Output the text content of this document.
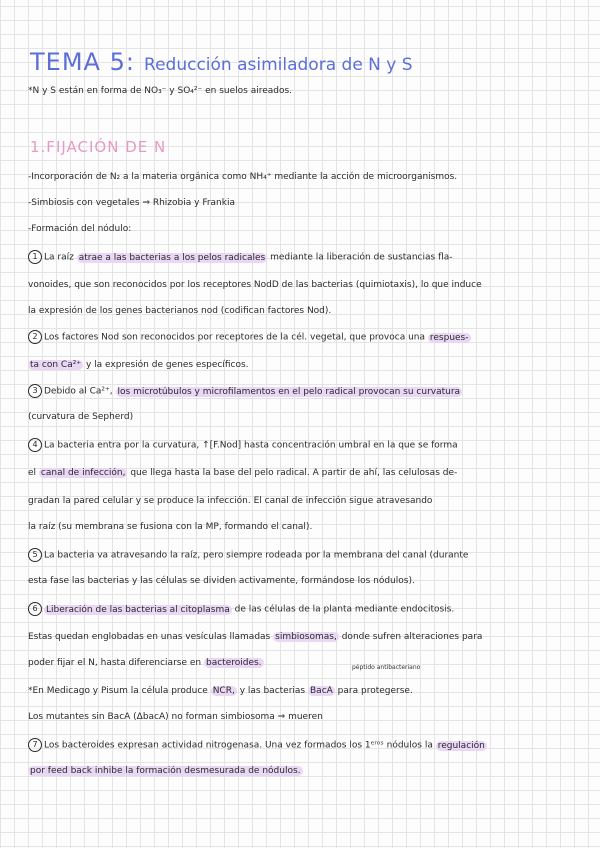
TEMA 5: Reducción asimiladora de N y S
*N y S están en forma de NO₃⁻ y SO₄²⁻ en suelos aireados.
1.FIJACIÓN DE N
-Incorporación de N₂ a la materia orgánica como NH₄⁺ mediante la acción de microorganismos.
-Simbiosis con vegetales ⇒ Rhizobia y Frankia
-Formación del nódulo:
1 La raíz atrae a las bacterias a los pelos radicales mediante la liberación de sustancias fla-
vonoides, que son reconocidos por los receptores NodD de las bacterias (quimiotaxis), lo que induce
la expresión de los genes bacterianos nod (codifican factores Nod).
2 Los factores Nod son reconocidos por receptores de la cél. vegetal, que provoca una respues-
ta con Ca²⁺ y la expresión de genes específicos.
3 Debido al Ca²⁺, los microtúbulos y microfilamentos en el pelo radical provocan su curvatura
(curvatura de Sepherd)
4 La bacteria entra por la curvatura, ↑[F.Nod] hasta concentración umbral en la que se forma
el canal de infección, que llega hasta la base del pelo radical. A partir de ahí, las celulosas de-
gradan la pared celular y se produce la infección. El canal de infección sigue atravesando
la raíz (su membrana se fusiona con la MP, formando el canal).
5 La bacteria va atravesando la raíz, pero siempre rodeada por la membrana del canal (durante
esta fase las bacterias y las células se dividen activamente, formándose los nódulos).
6 Liberación de las bacterias al citoplasma de las células de la planta mediante endocitosis.
Estas quedan englobadas en unas vesículas llamadas simbiosomas, donde sufren alteraciones para
poder fijar el N, hasta diferenciarse en bacteroides.	péptido antibacteriano
*En Medicago y Pisum la célula produce NCR, y las bacterias BacA para protegerse.
Los mutantes sin BacA (ΔbacA) no forman simbiosoma ⇒ mueren
7 Los bacteroides expresan actividad nitrogenasa. Una vez formados los 1ᵉʳᵒˢ nódulos la regulación
por feed back inhibe la formación desmesurada de nódulos.
